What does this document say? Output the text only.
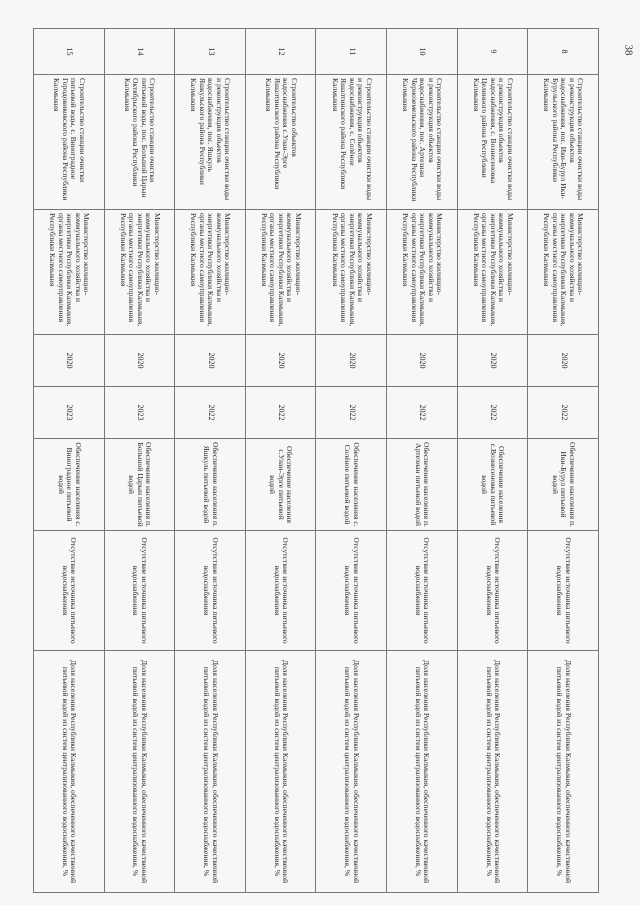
38
8	Строительство станции очистки воды и реконструкция объектов водоснабжения, пос. Ики-Бурул Ики-Бурульского района Республики Калмыкия	Министерство жилищно-коммунального хозяйства и энергетики Республики Калмыкия, органы местного самоуправления Республики Калмыкия	2020	2022	Обеспечение населения п. Ики-Бурул питьевой водой	Отсутствие источника питьевого водоснабжения	Доля населения Республики Калмыкия, обеспеченного качественной питьевой водой из систем централизованного водоснабжения, %
9	Строительство станции очистки воды и реконструкция объектов водоснабжения, с. Вознесеновка Целинного района Республики Калмыкия	Министерство жилищно-коммунального хозяйства и энергетики Республики Калмыкия, органы местного самоуправления Республики Калмыкия	2020	2022	Обеспечение населения с.Вознесеновка питьевой водой	Отсутствие источника питьевого водоснабжения	Доля населения Республики Калмыкия, обеспеченного качественной питьевой водой из систем централизованного водоснабжения, %
10	Строительство станции очистки воды и реконструкция объектов водоснабжения, пос. Артезиан Черноземельского района Республики Калмыкия	Министерство жилищно-коммунального хозяйства и энергетики Республики Калмыкия, органы местного самоуправления Республики Калмыкия	2020	2022	Обеспечение населения п. Артезиан питьевой водой	Отсутствие источника питьевого водоснабжения	Доля населения Республики Калмыкия, обеспеченного качественной питьевой водой из систем централизованного водоснабжения, %
11	Строительство станции очистки воды и реконструкция объектов водоснабжения, с. Солёное Яшалтинского района Республики Калмыкия	Министерство жилищно-коммунального хозяйства и энергетики Республики Калмыкия, органы местного самоуправления Республики Калмыкия	2020	2022	Обеспечение населения с. Солёное питьевой водой	Отсутствие источника питьевого водоснабжения	Доля населения Республики Калмыкия, обеспеченного качественной питьевой водой из систем централизованного водоснабжения, %
12	Строительство объектов водоснабжения с.Улан-Эрге Яшалтинского района Республики Калмыкия	Министерство жилищно-коммунального хозяйства и энергетики Республики Калмыкия, органы местного самоуправления Республики Калмыкия	2020	2022	Обеспечение населения с.Улан-Эрге питьевой водой	Отсутствие источника питьевого водоснабжения	Доля населения Республики Калмыкия, обеспеченного качественной питьевой водой из систем централизованного водоснабжения, %
13	Строительство станции очистки воды и реконструкция объектов водоснабжения, пос. Яшкуль Яшкульского района Республики Калмыкия	Министерство жилищно-коммунального хозяйства и энергетики Республики Калмыкия, органы местного самоуправления Республики Калмыкия	2020	2022	Обеспечение населения п. Яшкуль питьевой водой	Отсутствие источника питьевого водоснабжения	Доля населения Республики Калмыкия, обеспеченного качественной питьевой водой из систем централизованного водоснабжения, %
14	Строительство станции очистки питьевой воды, пос. Большой Царын Октябрьского района Республики Калмыкия	Министерство жилищно-коммунального хозяйства и энергетики Республики Калмыкия, органы местного самоуправления Республики Калмыкия	2020	2023	Обеспечение населения п. Большой Царын питьевой водой	Отсутствие источника питьевого водоснабжения	Доля населения Республики Калмыкия, обеспеченного качественной питьевой водой из систем централизованного водоснабжения, %
15	Строительство станции очистки питьевой воды, с. Виноградное Городовиковского района Республики Калмыкия	Министерство жилищно-коммунального хозяйства и энергетики Республики Калмыкия, органы местного самоуправления Республики Калмыкия	2020	2023	Обеспечение населения с. Виноградное питьевой водой	Отсутствие источника питьевого водоснабжения	Доля населения Республики Калмыкия, обеспеченного качественной питьевой водой из систем централизованного водоснабжения, %
